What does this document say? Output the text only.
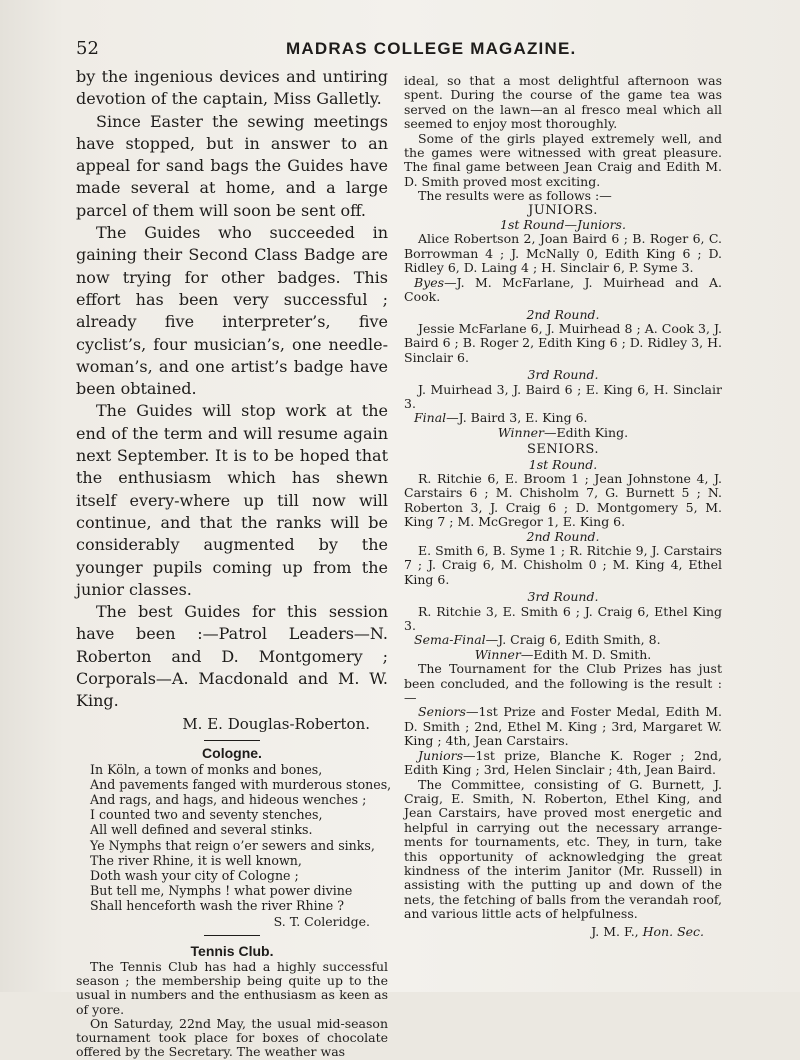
52	MADRAS COLLEGE MAGAZINE.

by the ingenious devices and untiring devotion of the captain, Miss Galletly.

Since Easter the sewing meetings have stopped, but in answer to an appeal for sand bags the Guides have made several at home, and a large parcel of them will soon be sent off.

The Guides who succeeded in gaining their Second Class Badge are now trying for other badges. This effort has been very successful ; already five interpreter’s, five cyclist’s, four musician’s, one needle-woman’s, and one artist’s badge have been obtained.

The Guides will stop work at the end of the term and will resume again next September. It is to be hoped that the enthusiasm which has shewn itself every-where up till now will continue, and that the ranks will be considerably augmented by the younger pupils coming up from the junior classes.

The best Guides for this session have been :—Patrol Leaders—N. Roberton and D. Montgomery ; Corporals—A. Macdonald and M. W. King.

M. E. Douglas-Roberton.

Cologne.

In Köln, a town of monks and bones,

And pavements fanged with murderous stones,

And rags, and hags, and hideous wenches ;

I counted two and seventy stenches,

All well defined and several stinks.

Ye Nymphs that reign o’er sewers and sinks,

The river Rhine, it is well known,

Doth wash your city of Cologne ;

But tell me, Nymphs ! what power divine

Shall henceforth wash the river Rhine ?

S. T. Coleridge.

Tennis Club.

The Tennis Club has had a highly successful season ; the membership being quite up to the usual in numbers and the enthusiasm as keen as of yore.

On Saturday, 22nd May, the usual mid-season tournament took place for boxes of chocolate offered by the Secretary. The weather was

ideal, so that a most delightful afternoon was spent. During the course of the game tea was served on the lawn—an al fresco meal which all seemed to enjoy most thoroughly.

Some of the girls played extremely well, and the games were witnessed with great pleasure. The final game between Jean Craig and Edith M. D. Smith proved most exciting.

The results were as follows :—

JUNIORS.

1st Round—Juniors.

Alice Robertson 2, Joan Baird 6 ; B. Roger 6, C. Borrowman 4 ; J. McNally 0, Edith King 6 ; D. Ridley 6, D. Laing 4 ; H. Sinclair 6, P. Syme 3.

Byes—J. M. McFarlane, J. Muirhead and A. Cook.

2nd Round.

Jessie McFarlane 6, J. Muirhead 8 ; A. Cook 3, J. Baird 6 ; B. Roger 2, Edith King 6 ; D. Ridley 3, H. Sinclair 6.

3rd Round.

J. Muirhead 3, J. Baird 6 ; E. King 6, H. Sinclair 3.

Final—J. Baird 3, E. King 6.

Winner—Edith King.

SENIORS.

1st Round.

R. Ritchie 6, E. Broom 1 ; Jean Johnstone 4, J. Carstairs 6 ; M. Chisholm 7, G. Burnett 5 ; N. Roberton 3, J. Craig 6 ; D. Montgomery 5, M. King 7 ; M. McGregor 1, E. King 6.

2nd Round.

E. Smith 6, B. Syme 1 ; R. Ritchie 9, J. Carstairs 7 ; J. Craig 6, M. Chisholm 0 ; M. King 4, Ethel King 6.

3rd Round.

R. Ritchie 3, E. Smith 6 ; J. Craig 6, Ethel King 3.

Sema-Final—J. Craig 6, Edith Smith, 8.

Winner—Edith M. D. Smith.

The Tournament for the Club Prizes has just been concluded, and the following is the result :—

Seniors—1st Prize and Foster Medal, Edith M. D. Smith ; 2nd, Ethel M. King ; 3rd, Margaret W. King ; 4th, Jean Carstairs.

Juniors—1st prize, Blanche K. Roger ; 2nd, Edith King ; 3rd, Helen Sinclair ; 4th, Jean Baird.

The Committee, consisting of G. Burnett, J. Craig, E. Smith, N. Roberton, Ethel King, and Jean Carstairs, have proved most energetic and helpful in carrying out the necessary arrange-ments for tournaments, etc. They, in turn, take this opportunity of acknowledging the great kindness of the interim Janitor (Mr. Russell) in assisting with the putting up and down of the nets, the fetching of balls from the verandah roof, and various little acts of helpfulness.

J. M. F., Hon. Sec.
